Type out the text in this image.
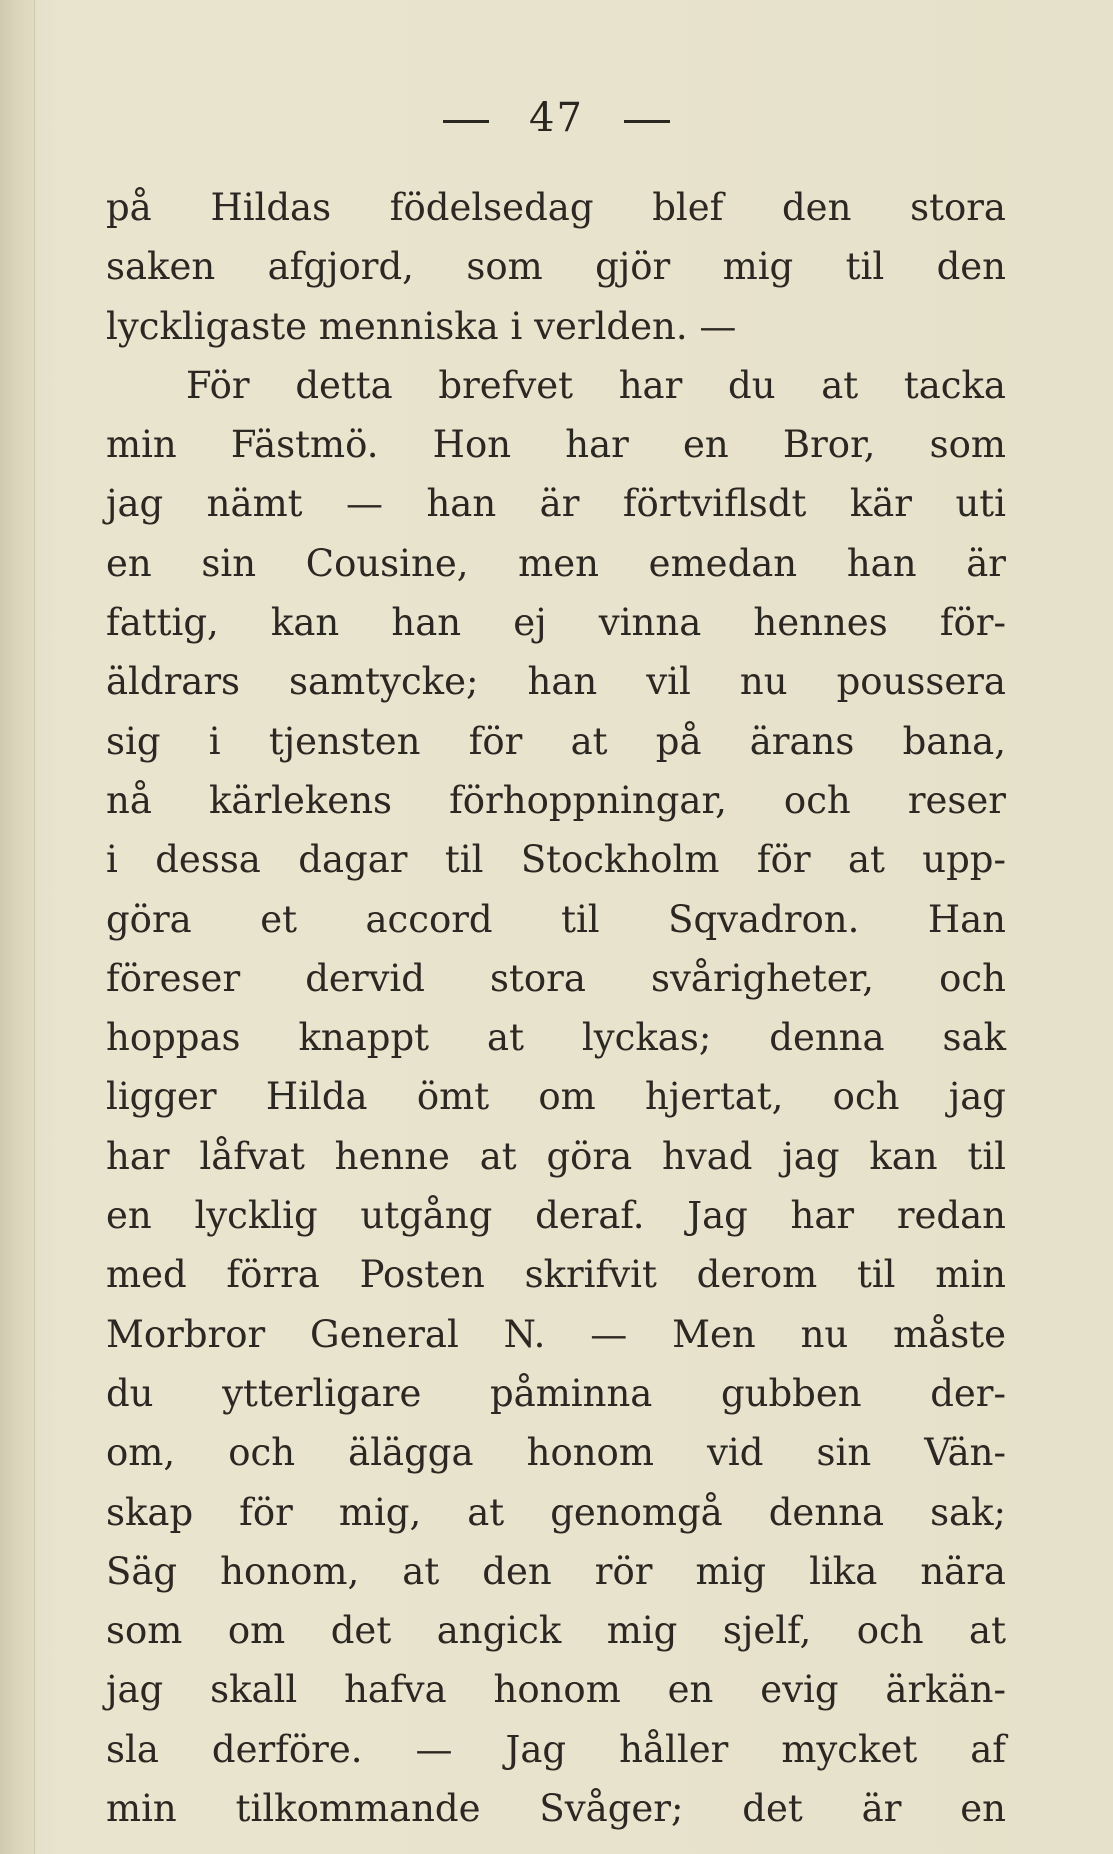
47
på Hildas födelsedag blef den stora
saken afgjord, som gjör mig til den
lyckligaste menniska i verlden. —
För detta brefvet har du at tacka
min Fästmö. Hon har en Bror, som
jag nämt — han är förtviflsdt kär uti
en sin Cousine, men emedan han är
fattig, kan han ej vinna hennes för-
äldrars samtycke; han vil nu poussera
sig i tjensten för at på ärans bana,
nå kärlekens förhoppningar, och reser
i dessa dagar til Stockholm för at upp-
göra et accord til Sqvadron. Han
föreser dervid stora svårigheter, och
hoppas knappt at lyckas; denna sak
ligger Hilda ömt om hjertat, och jag
har låfvat henne at göra hvad jag kan til
en lycklig utgång deraf. Jag har redan
med förra Posten skrifvit derom til min
Morbror General N. — Men nu måste
du ytterligare påminna gubben der-
om, och älägga honom vid sin Vän-
skap för mig, at genomgå denna sak;
Säg honom, at den rör mig lika nära
som om det angick mig sjelf, och at
jag skall hafva honom en evig ärkän-
sla derföre. — Jag håller mycket af
min tilkommande Svåger; det är en
